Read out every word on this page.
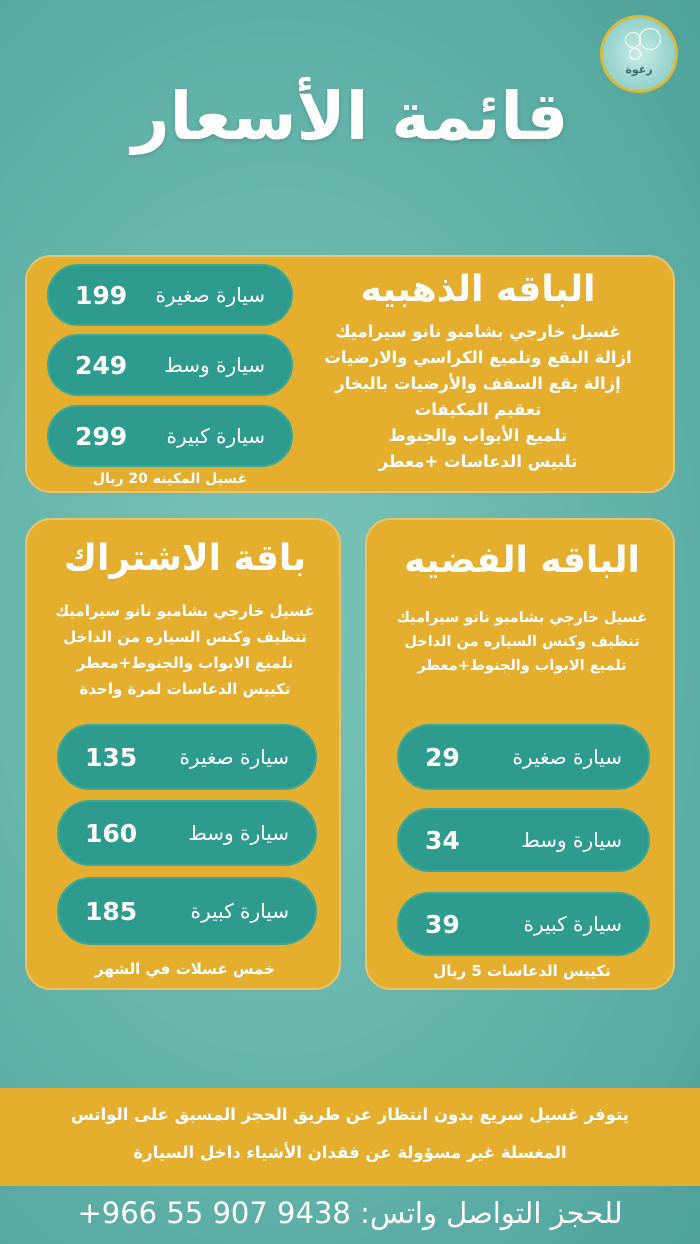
رغوة
قائمة الأسعار
الباقه الذهبيه
غسيل خارجي بشامبو نانو سيراميك
ازالة البقع وتلميع الكراسي والارضيات
إزالة بقع السقف والأرضيات بالبخار
تعقيم المكيفات
تلميع الأبواب والجنوط
تلبيس الدعاسات +معطر
سيارة صغيرة
199
سيارة وسط
249
سيارة كبيرة
299
غسيل المكينه 20 ريال
باقة الاشتراك
غسيل خارجي بشامبو نانو سيراميك
تنظيف وكنس السياره من الداخل
تلميع الابواب والجنوط+معطر
تكييس الدعاسات لمرة واحدة
سيارة صغيرة
135
سيارة وسط
160
سيارة كبيرة
185
خمس غسلات في الشهر
الباقه الفضيه
غسيل خارجي بشامبو نانو سيراميك
تنظيف وكنس السياره من الداخل
تلميع الابواب والجنوط+معطر
سيارة صغيرة
29
سيارة وسط
34
سيارة كبيرة
39
تكييس الدعاسات 5 ريال
يتوفر غسيل سريع بدون انتظار عن طريق الحجز المسبق على الواتس
المغسلة غير مسؤولة عن فقدان الأشياء داخل السيارة
للحجز التواصل واتس: 9438 907 55 966+
